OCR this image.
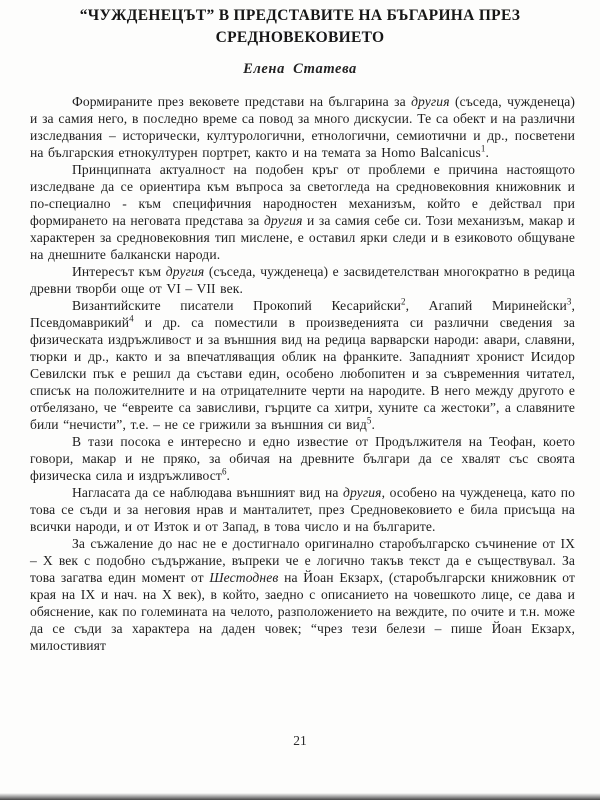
“ЧУЖДЕНЕЦЪТ” В ПРЕДСТАВИТЕ НА БЪГАРИНА ПРЕЗ СРЕДНОВЕКОВИЕТО
Елена Статева

Формираните през вековете представи на българина за другия (съседа, чужденеца) и за самия него, в последно време са повод за много дискусии. Те са обект и на различни изследвания – исторически, културологични, етнологични, семиотични и др., посветени на българския етнокултурен портрет, както и на темата за Homo Balcanicus$^1$.

Принципната актуалност на подобен кръг от проблеми е причина настоящото изследване да се ориентира към въпроса за светогледа на средновековния книжовник и по-специално - към специфичния народностен механизъм, който е действал при формирането на неговата представа за другия и за самия себе си. Този механизъм, макар и характерен за средновековния тип мислене, е оставил ярки следи и в езиковото общуване на днешните балкански народи.

Интересът към другия (съседа, чужденеца) е засвидетелстван многократно в редица древни творби още от VI – VII век.

Византийските писатели Прокопий Кесарийски$^2$, Агапий Миринейски$^3$, Псевдомаврикий$^4$ и др. са поместили в произведенията си различни сведения за физическата издръжливост и за външния вид на редица варварски народи: авари, славяни, тюрки и др., както и за впечатляващия облик на франките. Западният хронист Исидор Севилски пък е решил да състави един, особено любопитен и за съвременния читател, списък на положителните и на отрицателните черти на народите. В него между другото е отбелязано, че “евреите са зависливи, гърците са хитри, хуните са жестоки”, а славяните били “нечисти”, т.е. – не се грижили за външния си вид$^5$.

В тази посока е интересно и едно известие от Продължителя на Теофан, което говори, макар и не пряко, за обичая на древните българи да се хвалят със своята физическа сила и издръжливост$^6$.

Нагласата да се наблюдава външният вид на другия, особено на чужденеца, като по това се съди и за неговия нрав и манталитет, през Средновековието е била присъща на всички народи, и от Изток и от Запад, в това число и на българите.

За съжаление до нас не е достигнало оригинално старобългарско съчинение от IX – X век с подобно съдържание, въпреки че е логично такъв текст да е съществувал. За това загатва един момент от Шестоднев на Йоан Екзарх, (старобългарски книжовник от края на IX и нач. на X век), в който, заедно с описанието на човешкото лице, се дава и обяснение, как по големината на челото, разположението на веждите, по очите и т.н. може да се съди за характера на даден човек; “чрез тези белези – пише Йоан Екзарх, милостивият

21
